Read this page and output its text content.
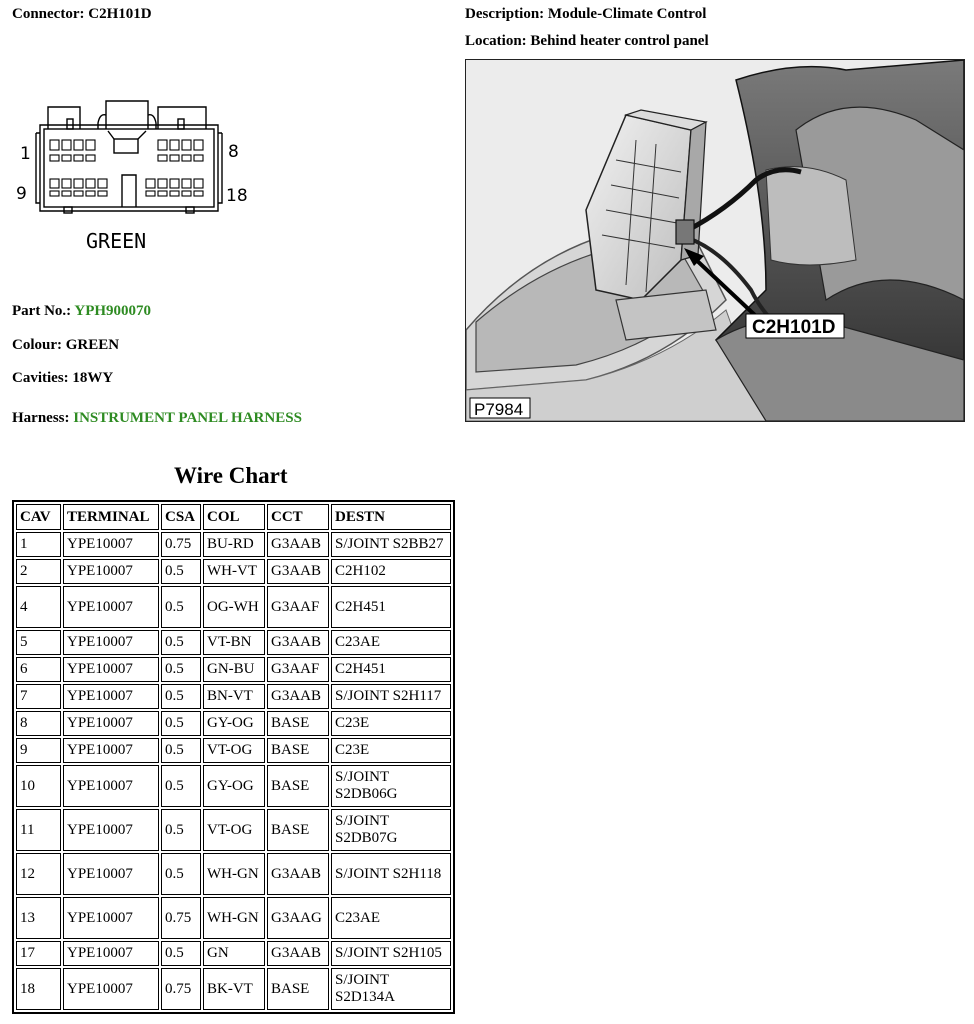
Connector: C2H101D	Description: Module-Climate Control
Location: Behind heater control panel
1	8
9	18
GREEN
C2H101D
P7984
Part No.: YPH900070
Colour: GREEN
Cavities: 18WY
Harness: INSTRUMENT PANEL HARNESS
Wire Chart
CAV	TERMINAL	CSA	COL	CCT	DESTN
1	YPE10007	0.75	BU-RD	G3AAB	S/JOINT S2BB27
2	YPE10007	0.5	WH-VT	G3AAB	C2H102
4	YPE10007	0.5	OG-WH	G3AAF	C2H451
5	YPE10007	0.5	VT-BN	G3AAB	C23AE
6	YPE10007	0.5	GN-BU	G3AAF	C2H451
7	YPE10007	0.5	BN-VT	G3AAB	S/JOINT S2H117
8	YPE10007	0.5	GY-OG	BASE	C23E
9	YPE10007	0.5	VT-OG	BASE	C23E
10	YPE10007	0.5	GY-OG	BASE	S/JOINT S2DB06G
11	YPE10007	0.5	VT-OG	BASE	S/JOINT S2DB07G
12	YPE10007	0.5	WH-GN	G3AAB	S/JOINT S2H118
13	YPE10007	0.75	WH-GN	G3AAG	C23AE
17	YPE10007	0.5	GN	G3AAB	S/JOINT S2H105
18	YPE10007	0.75	BK-VT	BASE	S/JOINT S2D134A
